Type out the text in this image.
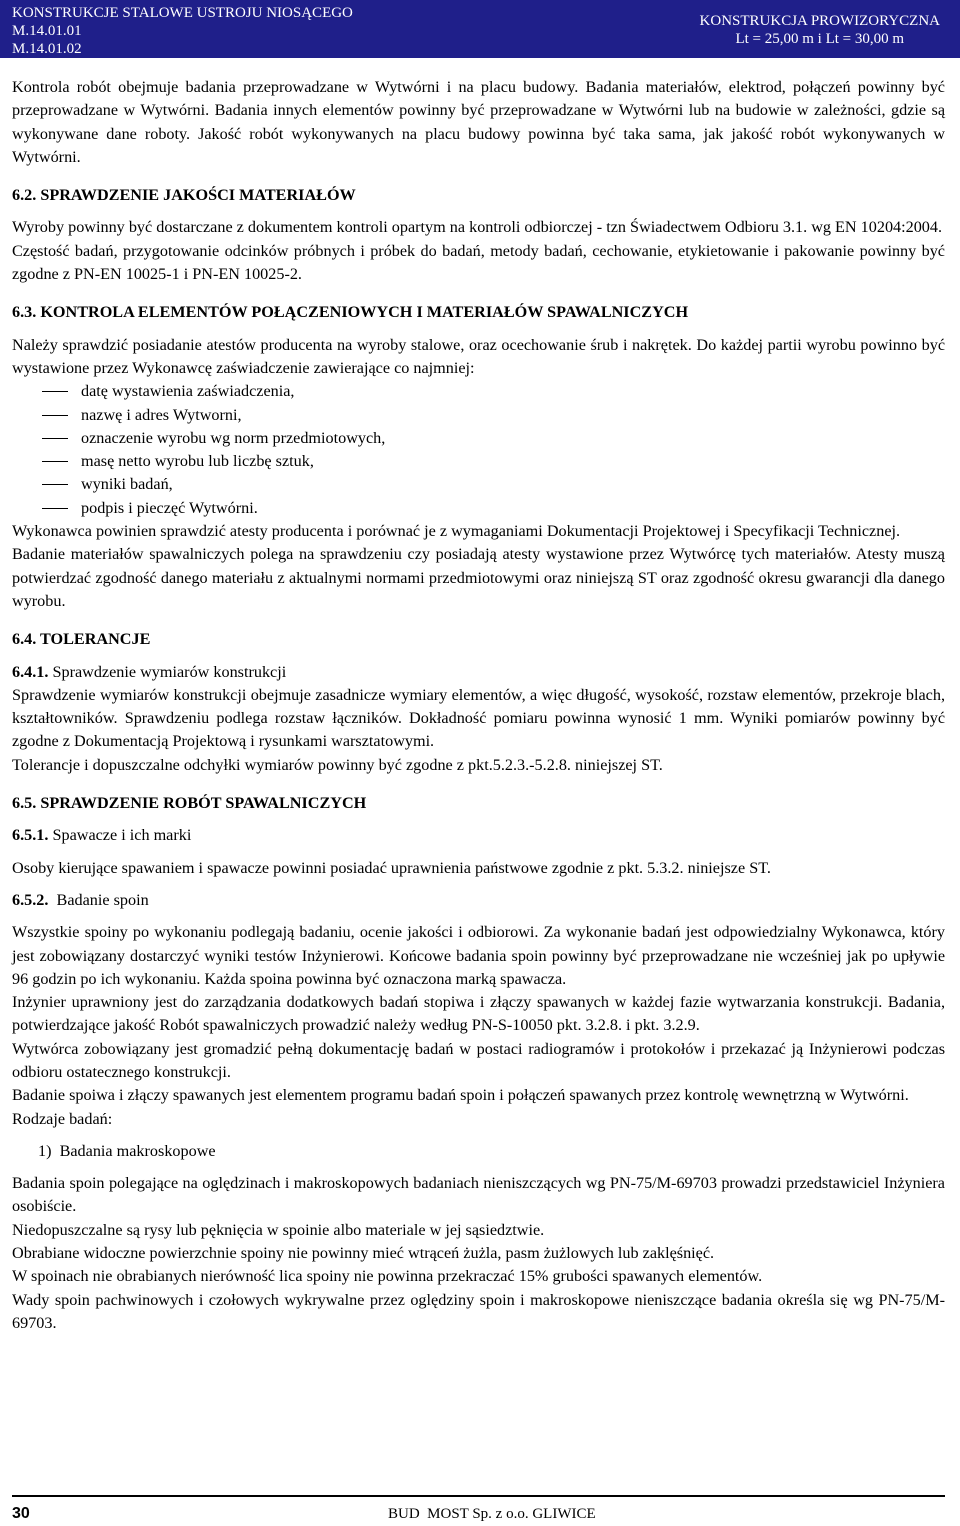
KONSTRUKCJE STALOWE USTROJU NIOSĄCEGO
M.14.01.01
M.14.01.02
KONSTRUKCJA PROWIZORYCZNA
Lt = 25,00 m i Lt = 30,00 m

Kontrola robót obejmuje badania przeprowadzane w Wytwórni i na placu budowy. Badania materiałów, elektrod, połączeń powinny być przeprowadzane w Wytwórni. Badania innych elementów powinny być przeprowadzane w Wytwórni lub na budowie w zależności, gdzie są wykonywane dane roboty. Jakość robót wykonywanych na placu budowy powinna być taka sama, jak jakość robót wykonywanych w Wytwórni.

6.2. SPRAWDZENIE JAKOŚCI MATERIAŁÓW

Wyroby powinny być dostarczane z dokumentem kontroli opartym na kontroli odbiorczej - tzn Świadectwem Odbioru 3.1. wg EN 10204:2004.

Częstość badań, przygotowanie odcinków próbnych i próbek do badań, metody badań, cechowanie, etykietowanie i pakowanie powinny być zgodne z PN-EN 10025-1 i PN-EN 10025-2.

6.3. KONTROLA ELEMENTÓW POŁĄCZENIOWYCH I MATERIAŁÓW SPAWALNICZYCH

Należy sprawdzić posiadanie atestów producenta na wyroby stalowe, oraz ocechowanie śrub i nakrętek. Do każdej partii wyrobu powinno być wystawione przez Wykonawcę zaświadczenie zawierające co najmniej:

datę wystawienia zaświadczenia,
nazwę i adres Wytworni,
oznaczenie wyrobu wg norm przedmiotowych,
masę netto wyrobu lub liczbę sztuk,
wyniki badań,
podpis i pieczęć Wytwórni.

Wykonawca powinien sprawdzić atesty producenta i porównać je z wymaganiami Dokumentacji Projektowej i Specyfikacji Technicznej.

Badanie materiałów spawalniczych polega na sprawdzeniu czy posiadają atesty wystawione przez Wytwórcę tych materiałów. Atesty muszą potwierdzać zgodność danego materiału z aktualnymi normami przedmiotowymi oraz niniejszą ST oraz zgodność okresu gwarancji dla danego wyrobu.

6.4. TOLERANCJE
6.4.1. Sprawdzenie wymiarów konstrukcji

Sprawdzenie wymiarów konstrukcji obejmuje zasadnicze wymiary elementów, a więc długość, wysokość, rozstaw elementów, przekroje blach, kształtowników. Sprawdzeniu podlega rozstaw łączników. Dokładność pomiaru powinna wynosić 1 mm. Wyniki pomiarów powinny być zgodne z Dokumentacją Projektową i rysunkami warsztatowymi.

Tolerancje i dopuszczalne odchyłki wymiarów powinny być zgodne z pkt.5.2.3.-5.2.8. niniejszej ST.

6.5. SPRAWDZENIE ROBÓT SPAWALNICZYCH
6.5.1. Spawacze i ich marki

Osoby kierujące spawaniem i spawacze powinni posiadać uprawnienia państwowe zgodnie z pkt. 5.3.2. niniejsze ST.

6.5.2.  Badanie spoin

Wszystkie spoiny po wykonaniu podlegają badaniu, ocenie jakości i odbiorowi. Za wykonanie badań jest odpowiedzialny Wykonawca, który jest zobowiązany dostarczyć wyniki testów Inżynierowi. Końcowe badania spoin powinny być przeprowadzane nie wcześniej jak po upływie 96 godzin po ich wykonaniu. Każda spoina powinna być oznaczona marką spawacza.

Inżynier uprawniony jest do zarządzania dodatkowych badań stopiwa i złączy spawanych w każdej fazie wytwarzania konstrukcji. Badania, potwierdzające jakość Robót spawalniczych prowadzić należy według PN-S-10050 pkt. 3.2.8. i pkt. 3.2.9.

Wytwórca zobowiązany jest gromadzić pełną dokumentację badań w postaci radiogramów i protokołów i przekazać ją Inżynierowi podczas odbioru ostatecznego konstrukcji.

Badanie spoiwa i złączy spawanych jest elementem programu badań spoin i połączeń spawanych przez kontrolę wewnętrzną w Wytwórni.

Rodzaje badań:

1)  Badania makroskopowe

Badania spoin polegające na oględzinach i makroskopowych badaniach nieniszczących wg PN-75/M-69703 prowadzi przedstawiciel Inżyniera osobiście.

Niedopuszczalne są rysy lub pęknięcia w spoinie albo materiale w jej sąsiedztwie.

Obrabiane widoczne powierzchnie spoiny nie powinny mieć wtrąceń żużla, pasm żużlowych lub zaklęśnięć.

W spoinach nie obrabianych nierówność lica spoiny nie powinna przekraczać 15% grubości spawanych elementów.

Wady spoin pachwinowych i czołowych wykrywalne przez oględziny spoin i makroskopowe nieniszczące badania określa się wg PN-75/M-69703.

30	BUD  MOST Sp. z o.o. GLIWICE
